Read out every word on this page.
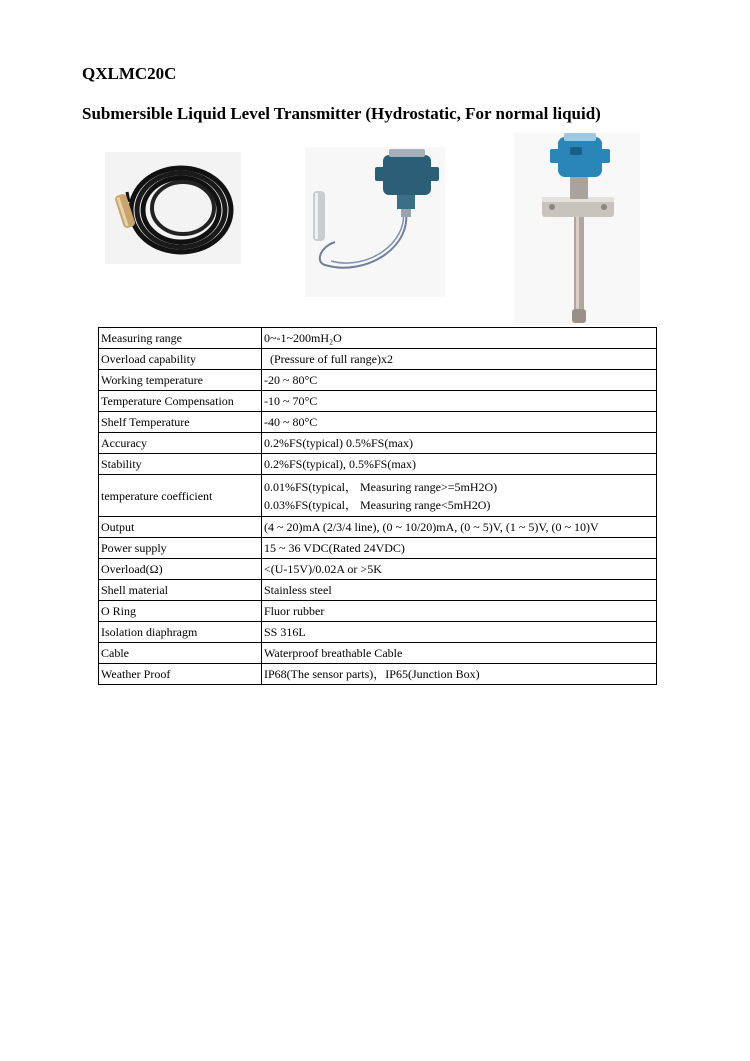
QXLMC20C
Submersible Liquid Level Transmitter (Hydrostatic, For normal liquid)
Measuring range	0~-1~200mH₂O
Overload capability	(Pressure of full range)x2
Working temperature	-20 ~ 80°C
Temperature Compensation	-10 ~ 70°C
Shelf Temperature	-40 ~ 80°C
Accuracy	0.2%FS(typical) 0.5%FS(max)
Stability	0.2%FS(typical), 0.5%FS(max)
temperature coefficient	0.01%FS(typical， Measuring range>=5mH2O)
0.03%FS(typical， Measuring range<5mH2O)

Output	(4 ~ 20)mA (2/3/4 line), (0 ~ 10/20)mA, (0 ~ 5)V, (1 ~ 5)V, (0 ~ 10)V
Power supply	15 ~ 36 VDC(Rated 24VDC)
Overload(Ω)	<(U-15V)/0.02A or >5K
Shell material	Stainless steel
O Ring	Fluor rubber
Isolation diaphragm	SS 316L
Cable	Waterproof breathable Cable
Weather Proof	IP68(The sensor parts)，IP65(Junction Box)
